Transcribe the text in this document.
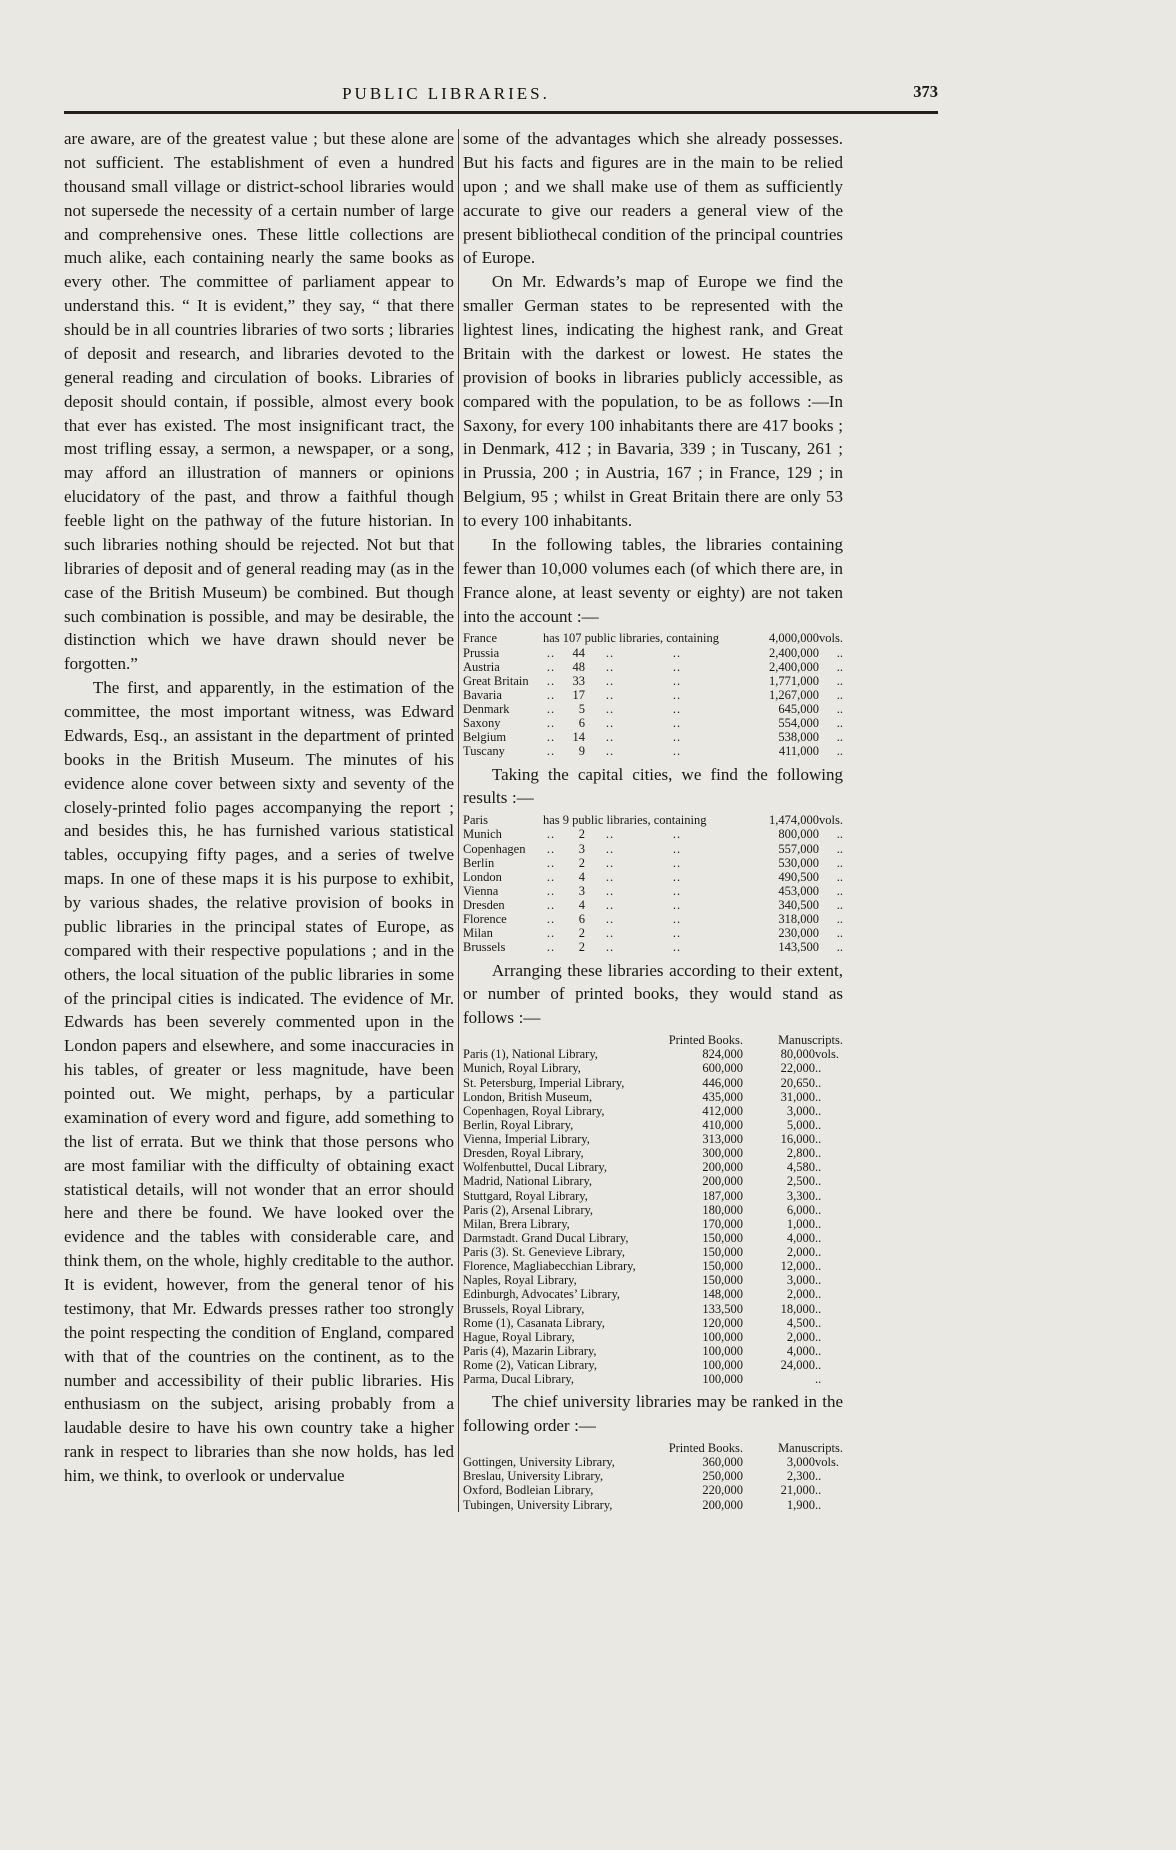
PUBLIC LIBRARIES.	373

are aware, are of the greatest value ; but these alone are not sufficient. The establishment of even a hundred thousand small village or district-school libraries would not supersede the necessity of a certain number of large and comprehensive ones. These little collections are much alike, each containing nearly the same books as every other. The committee of parliament appear to understand this. “ It is evident,” they say, “ that there should be in all countries libraries of two sorts ; libraries of deposit and research, and libraries devoted to the general reading and circulation of books. Libraries of deposit should contain, if possible, almost every book that ever has existed. The most insignificant tract, the most trifling essay, a sermon, a newspaper, or a song, may afford an illustration of manners or opinions elucidatory of the past, and throw a faithful though feeble light on the pathway of the future historian. In such libraries nothing should be rejected. Not but that libraries of deposit and of general reading may (as in the case of the British Museum) be combined. But though such combination is possible, and may be desirable, the distinction which we have drawn should never be forgotten.”

The first, and apparently, in the estimation of the committee, the most important witness, was Edward Edwards, Esq., an assistant in the department of printed books in the British Museum. The minutes of his evidence alone cover between sixty and seventy of the closely-printed folio pages accompanying the report ; and besides this, he has furnished various statistical tables, occupying fifty pages, and a series of twelve maps. In one of these maps it is his purpose to exhibit, by various shades, the relative provision of books in public libraries in the principal states of Europe, as compared with their respective populations ; and in the others, the local situation of the public libraries in some of the principal cities is indicated. The evidence of Mr. Edwards has been severely commented upon in the London papers and elsewhere, and some inaccuracies in his tables, of greater or less magnitude, have been pointed out. We might, perhaps, by a particular examination of every word and figure, add something to the list of errata. But we think that those persons who are most familiar with the difficulty of obtaining exact statistical details, will not wonder that an error should here and there be found. We have looked over the evidence and the tables with considerable care, and think them, on the whole, highly creditable to the author. It is evident, however, from the general tenor of his testimony, that Mr. Edwards presses rather too strongly the point respecting the condition of England, compared with that of the countries on the continent, as to the number and accessibility of their public libraries. His enthusiasm on the subject, arising probably from a laudable desire to have his own country take a higher rank in respect to libraries than she now holds, has led him, we think, to overlook or undervalue

some of the advantages which she already possesses. But his facts and figures are in the main to be relied upon ; and we shall make use of them as sufficiently accurate to give our readers a general view of the present bibliothecal condition of the principal countries of Europe.

On Mr. Edwards’s map of Europe we find the smaller German states to be represented with the lightest lines, indicating the highest rank, and Great Britain with the darkest or lowest. He states the provision of books in libraries publicly accessible, as compared with the population, to be as follows :—In Saxony, for every 100 inhabitants there are 417 books ; in Denmark, 412 ; in Bavaria, 339 ; in Tuscany, 261 ; in Prussia, 200 ; in Austria, 167 ; in France, 129 ; in Belgium, 95 ; whilst in Great Britain there are only 53 to every 100 inhabitants.

In the following tables, the libraries containing fewer than 10,000 volumes each (of which there are, in France alone, at least seventy or eighty) are not taken into the account :—

France	has 107 public libraries, containing				4,000,000	vols.
Prussia	..	44	..	..	2,400,000	..
Austria	..	48	..	..	2,400,000	..
Great Britain	..	33	..	..	1,771,000	..
Bavaria	..	17	..	..	1,267,000	..
Denmark	..	5	..	..	645,000	..
Saxony	..	6	..	..	554,000	..
Belgium	..	14	..	..	538,000	..
Tuscany	..	9	..	..	411,000	..

Taking the capital cities, we find the following results :—

Paris	has 9 public libraries, containing				1,474,000	vols.
Munich	..	2	..	..	800,000	..
Copenhagen	..	3	..	..	557,000	..
Berlin	..	2	..	..	530,000	..
London	..	4	..	..	490,500	..
Vienna	..	3	..	..	453,000	..
Dresden	..	4	..	..	340,500	..
Florence	..	6	..	..	318,000	..
Milan	..	2	..	..	230,000	..
Brussels	..	2	..	..	143,500	..

Arranging these libraries according to their extent, or number of printed books, they would stand as follows :—

Printed Books.		Manuscripts.	
Paris (1), National Library,	824,000	80,000	vols.
Munich, Royal Library,	600,000	22,000	..
St. Petersburg, Imperial Library,	446,000	20,650	..
London, British Museum,	435,000	31,000	..
Copenhagen, Royal Library,	412,000	3,000	..
Berlin, Royal Library,	410,000	5,000	..
Vienna, Imperial Library,	313,000	16,000	..
Dresden, Royal Library,	300,000	2,800	..
Wolfenbuttel, Ducal Library,	200,000	4,580	..
Madrid, National Library,	200,000	2,500	..
Stuttgard, Royal Library,	187,000	3,300	..
Paris (2), Arsenal Library,	180,000	6,000	..
Milan, Brera Library,	170,000	1,000	..
Darmstadt. Grand Ducal Library,	150,000	4,000	..
Paris (3). St. Genevieve Library,	150,000	2,000	..
Florence, Magliabecchian Library,	150,000	12,000	..
Naples, Royal Library,	150,000	3,000	..
Edinburgh, Advocates’ Library,	148,000	2,000	..
Brussels, Royal Library,	133,500	18,000	..
Rome (1), Casanata Library,	120,000	4,500	..
Hague, Royal Library,	100,000	2,000	..
Paris (4), Mazarin Library,	100,000	4,000	..
Rome (2), Vatican Library,	100,000	24,000	..
Parma, Ducal Library,	100,000		..

The chief university libraries may be ranked in the following order :—

Printed Books.		Manuscripts.	
Gottingen, University Library,	360,000	3,000	vols.
Breslau, University Library,	250,000	2,300	..
Oxford, Bodleian Library,	220,000	21,000	..
Tubingen, University Library,	200,000	1,900	..
